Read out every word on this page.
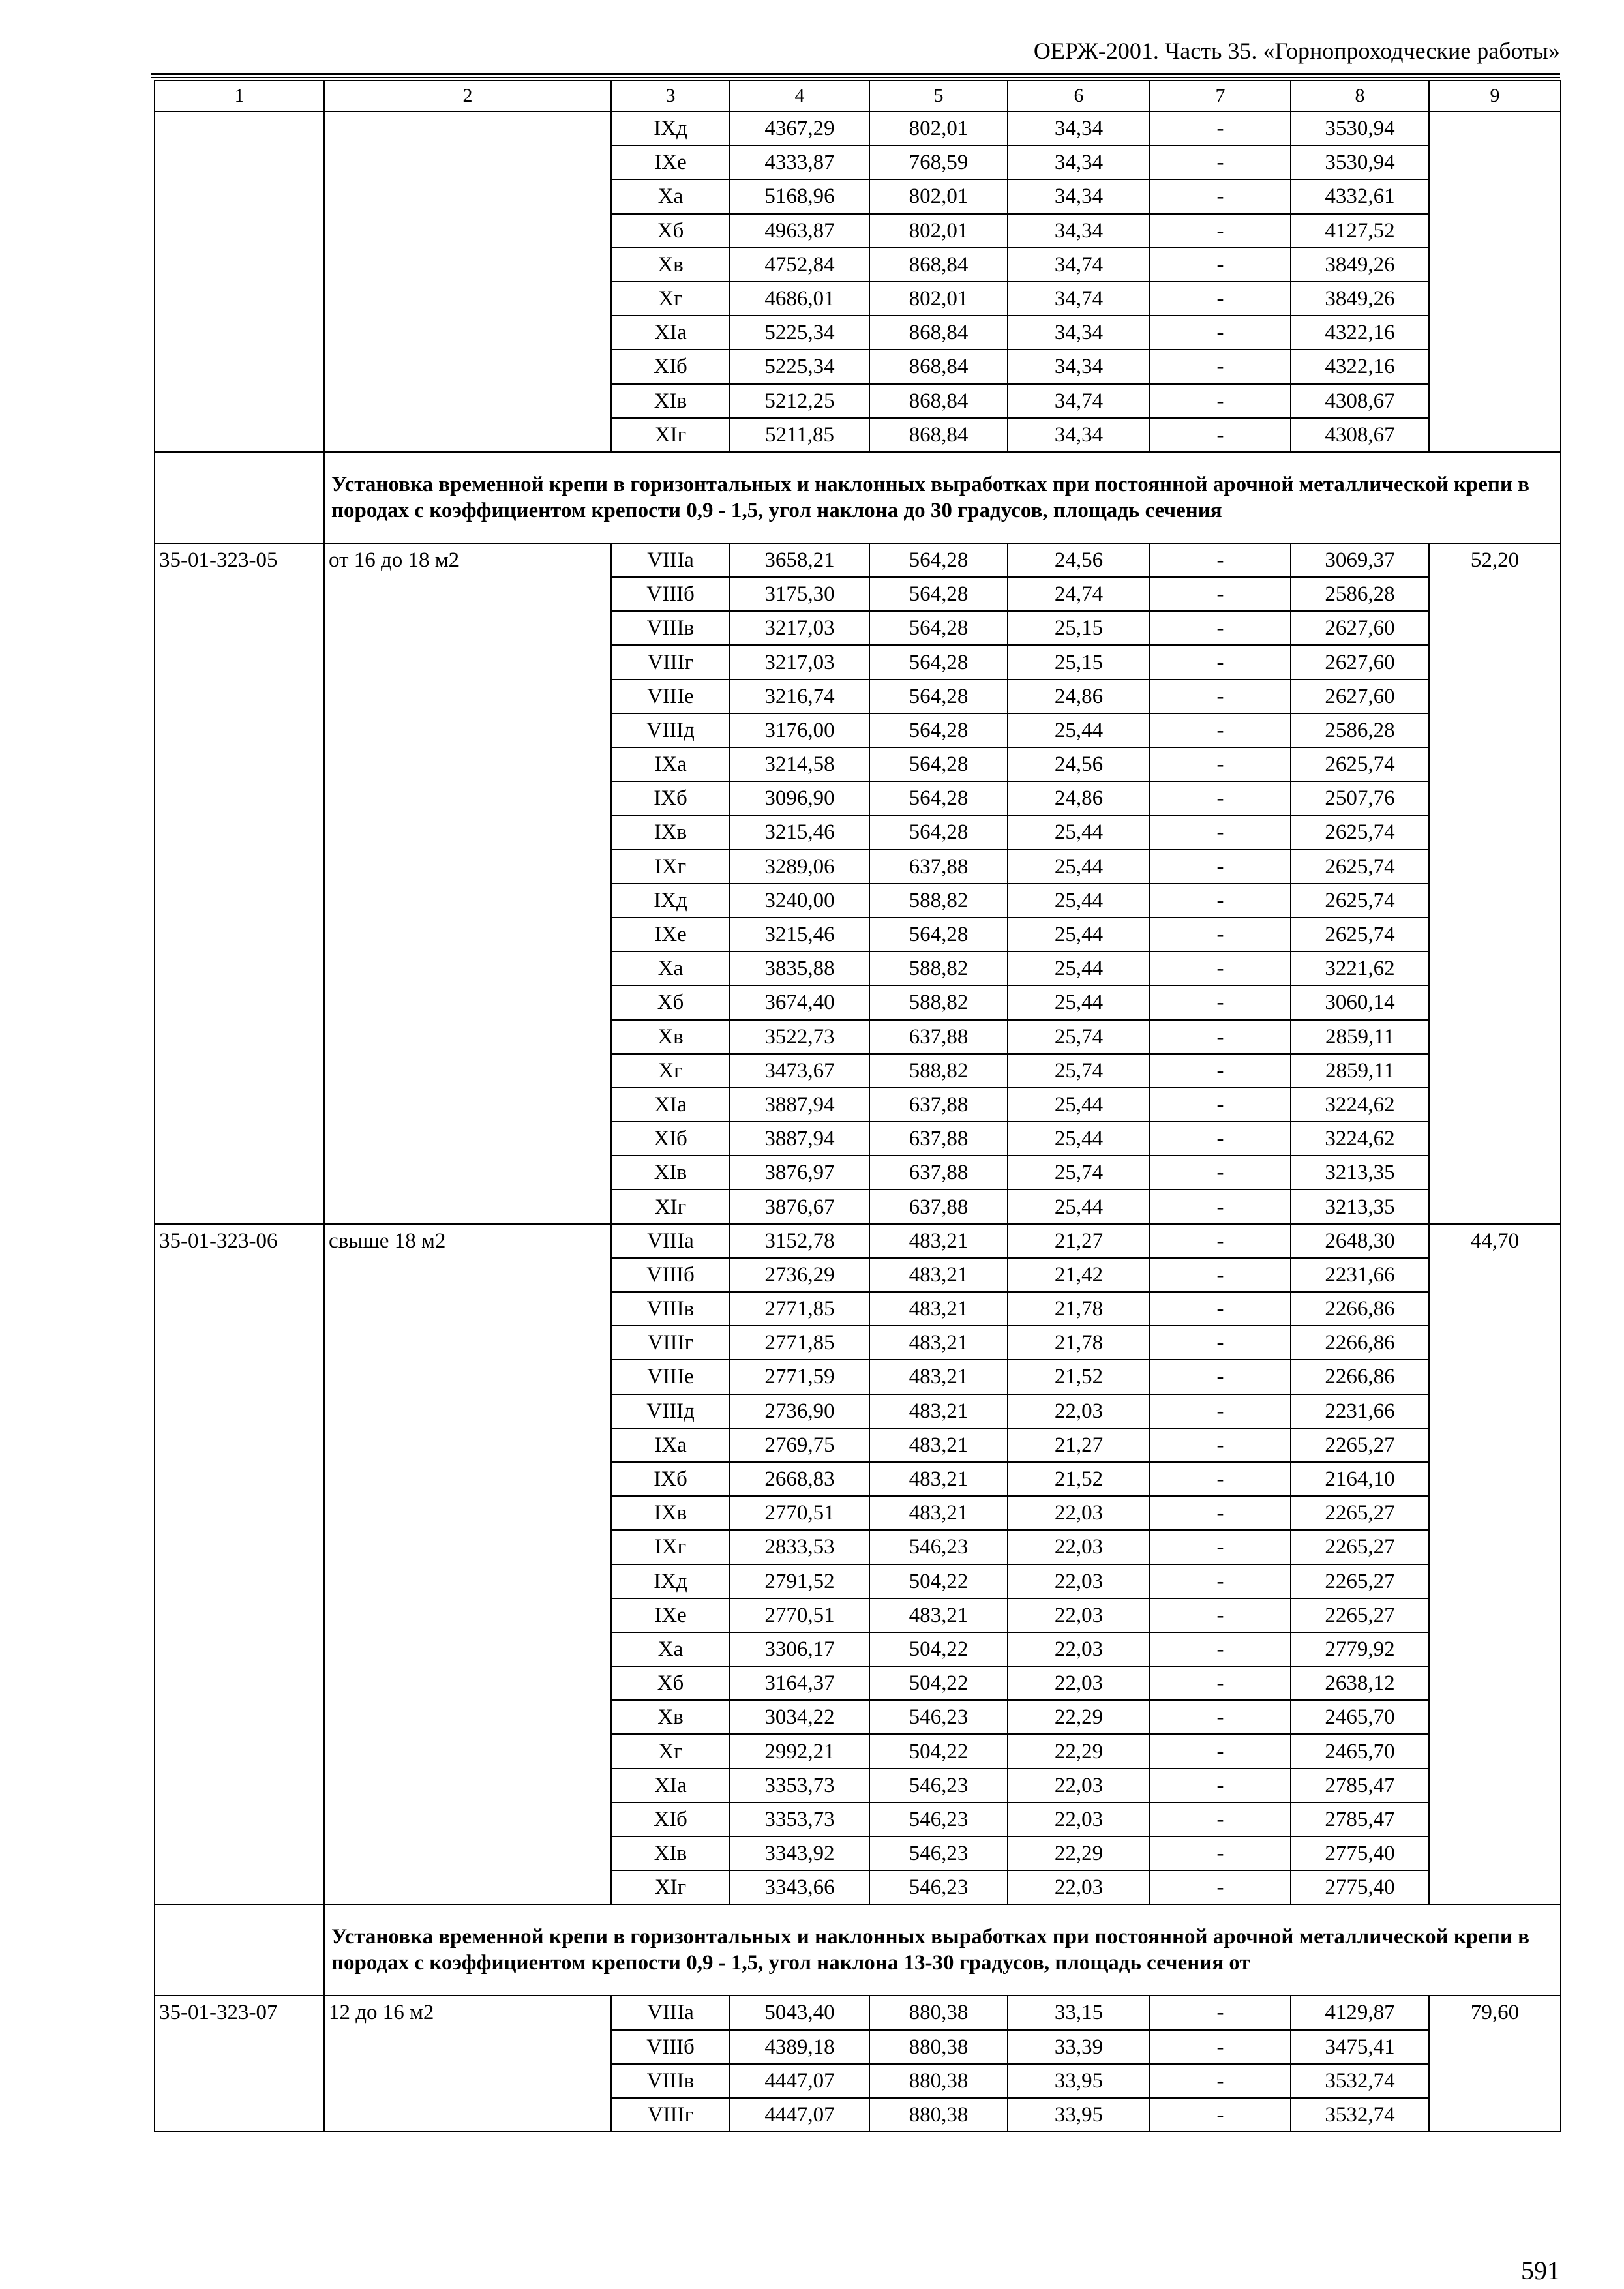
ОЕРЖ-2001. Часть 35. «Горнопроходческие работы»
1	2	3	4	5	6	7	8	9
		IXд	4367,29	802,01	34,34	-	3530,94	
		IXе	4333,87	768,59	34,34	-	3530,94	
		Xа	5168,96	802,01	34,34	-	4332,61	
		Xб	4963,87	802,01	34,34	-	4127,52	
		Xв	4752,84	868,84	34,74	-	3849,26	
		Xг	4686,01	802,01	34,74	-	3849,26	
		XIа	5225,34	868,84	34,34	-	4322,16	
		XIб	5225,34	868,84	34,34	-	4322,16	
		XIв	5212,25	868,84	34,74	-	4308,67	
		XIг	5211,85	868,84	34,34	-	4308,67	
	Установка временной крепи в горизонтальных и наклонных выработках при постоянной арочной металлической крепи в породах с коэффициентом крепости 0,9 - 1,5, угол наклона до 30 градусов, площадь сечения							
35-01-323-05	от 16 до 18 м2	VIIIа	3658,21	564,28	24,56	-	3069,37	52,20
		VIIIб	3175,30	564,28	24,74	-	2586,28	
		VIIIв	3217,03	564,28	25,15	-	2627,60	
		VIIIг	3217,03	564,28	25,15	-	2627,60	
		VIIIе	3216,74	564,28	24,86	-	2627,60	
		VIIIд	3176,00	564,28	25,44	-	2586,28	
		IXа	3214,58	564,28	24,56	-	2625,74	
		IXб	3096,90	564,28	24,86	-	2507,76	
		IXв	3215,46	564,28	25,44	-	2625,74	
		IXг	3289,06	637,88	25,44	-	2625,74	
		IXд	3240,00	588,82	25,44	-	2625,74	
		IXе	3215,46	564,28	25,44	-	2625,74	
		Xа	3835,88	588,82	25,44	-	3221,62	
		Xб	3674,40	588,82	25,44	-	3060,14	
		Xв	3522,73	637,88	25,74	-	2859,11	
		Xг	3473,67	588,82	25,74	-	2859,11	
		XIа	3887,94	637,88	25,44	-	3224,62	
		XIб	3887,94	637,88	25,44	-	3224,62	
		XIв	3876,97	637,88	25,74	-	3213,35	
		XIг	3876,67	637,88	25,44	-	3213,35	
35-01-323-06	свыше 18 м2	VIIIа	3152,78	483,21	21,27	-	2648,30	44,70
		VIIIб	2736,29	483,21	21,42	-	2231,66	
		VIIIв	2771,85	483,21	21,78	-	2266,86	
		VIIIг	2771,85	483,21	21,78	-	2266,86	
		VIIIе	2771,59	483,21	21,52	-	2266,86	
		VIIIд	2736,90	483,21	22,03	-	2231,66	
		IXа	2769,75	483,21	21,27	-	2265,27	
		IXб	2668,83	483,21	21,52	-	2164,10	
		IXв	2770,51	483,21	22,03	-	2265,27	
		IXг	2833,53	546,23	22,03	-	2265,27	
		IXд	2791,52	504,22	22,03	-	2265,27	
		IXе	2770,51	483,21	22,03	-	2265,27	
		Xа	3306,17	504,22	22,03	-	2779,92	
		Xб	3164,37	504,22	22,03	-	2638,12	
		Xв	3034,22	546,23	22,29	-	2465,70	
		Xг	2992,21	504,22	22,29	-	2465,70	
		XIа	3353,73	546,23	22,03	-	2785,47	
		XIб	3353,73	546,23	22,03	-	2785,47	
		XIв	3343,92	546,23	22,29	-	2775,40	
		XIг	3343,66	546,23	22,03	-	2775,40	
	Установка временной крепи в горизонтальных и наклонных выработках при постоянной арочной металлической крепи в породах с коэффициентом крепости 0,9 - 1,5, угол наклона 13-30 градусов, площадь сечения от							
35-01-323-07	12 до 16 м2	VIIIа	5043,40	880,38	33,15	-	4129,87	79,60
		VIIIб	4389,18	880,38	33,39	-	3475,41	
		VIIIв	4447,07	880,38	33,95	-	3532,74	
		VIIIг	4447,07	880,38	33,95	-	3532,74	
591
